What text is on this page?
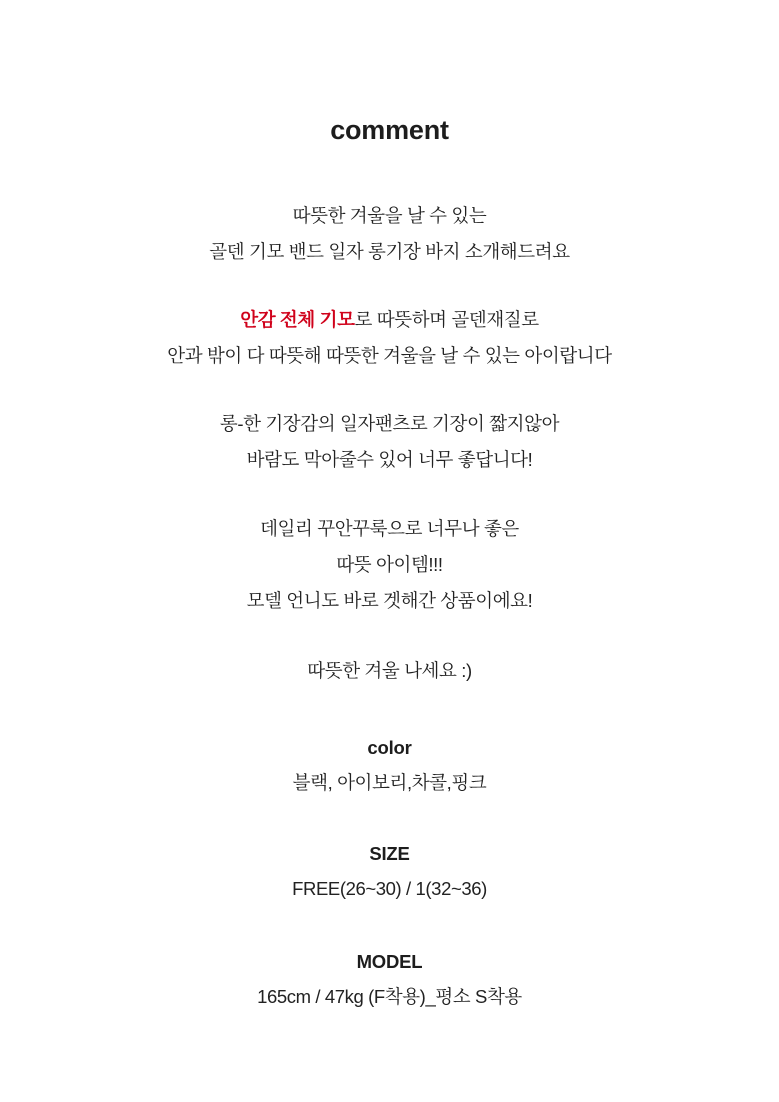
comment
따뜻한 겨울을 날 수 있는
골덴 기모 밴드 일자 롱기장 바지 소개해드려요
안감 전체 기모로 따뜻하며 골덴재질로
안과 밖이 다 따뜻해 따뜻한 겨울을 날 수 있는 아이랍니다
롱-한 기장감의 일자팬츠로 기장이 짧지않아
바람도 막아줄수 있어 너무 좋답니다!
데일리 꾸안꾸룩으로 너무나 좋은
따뜻 아이템!!!
모델 언니도 바로 겟해간 상품이에요!
따뜻한 겨울 나세요 :)
color
블랙, 아이보리,차콜,핑크
SIZE
FREE(26~30) / 1(32~36)
MODEL
165cm / 47kg (F착용)_평소 S착용
